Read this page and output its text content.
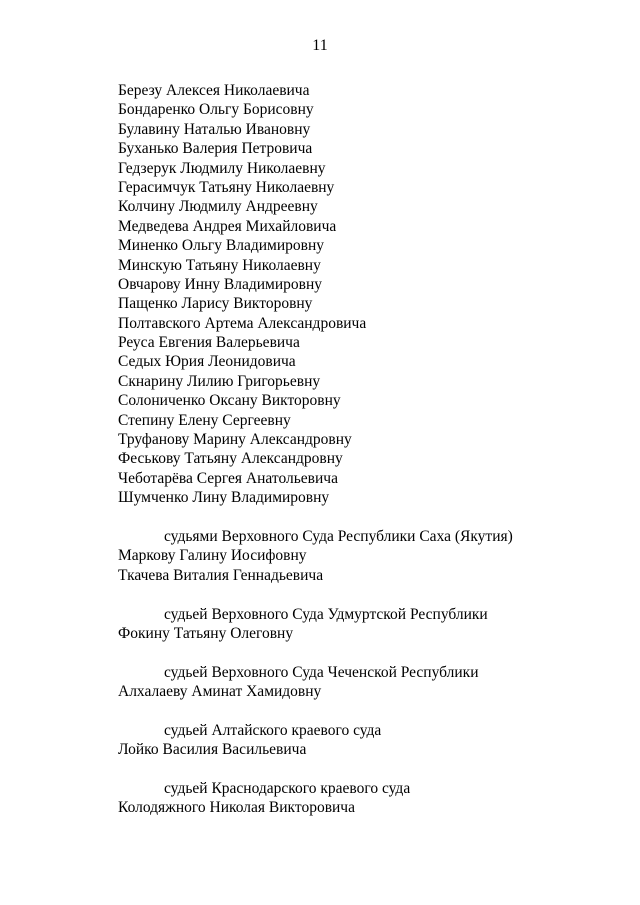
11
Березу Алексея Николаевича
Бондаренко Ольгу Борисовну
Булавину Наталью Ивановну
Буханько Валерия Петровича
Гедзерук Людмилу Николаевну
Герасимчук Татьяну Николаевну
Колчину Людмилу Андреевну
Медведева Андрея Михайловича
Миненко Ольгу Владимировну
Минскую Татьяну Николаевну
Овчарову Инну Владимировну
Пащенко Ларису Викторовну
Полтавского Артема Александровича
Реуса Евгения Валерьевича
Седых Юрия Леонидовича
Скнарину Лилию Григорьевну
Солониченко Оксану Викторовну
Степину Елену Сергеевну
Труфанову Марину Александровну
Феськову Татьяну Александровну
Чеботарёва Сергея Анатольевича
Шумченко Лину Владимировну
судьями Верховного Суда Республики Саха (Якутия)
Маркову Галину Иосифовну
Ткачева Виталия Геннадьевича
судьей Верховного Суда Удмуртской Республики
Фокину Татьяну Олеговну
судьей Верховного Суда Чеченской Республики
Алхалаеву Аминат Хамидовну
судьей Алтайского краевого суда
Лойко Василия Васильевича
судьей Краснодарского краевого суда
Колодяжного Николая Викторовича
